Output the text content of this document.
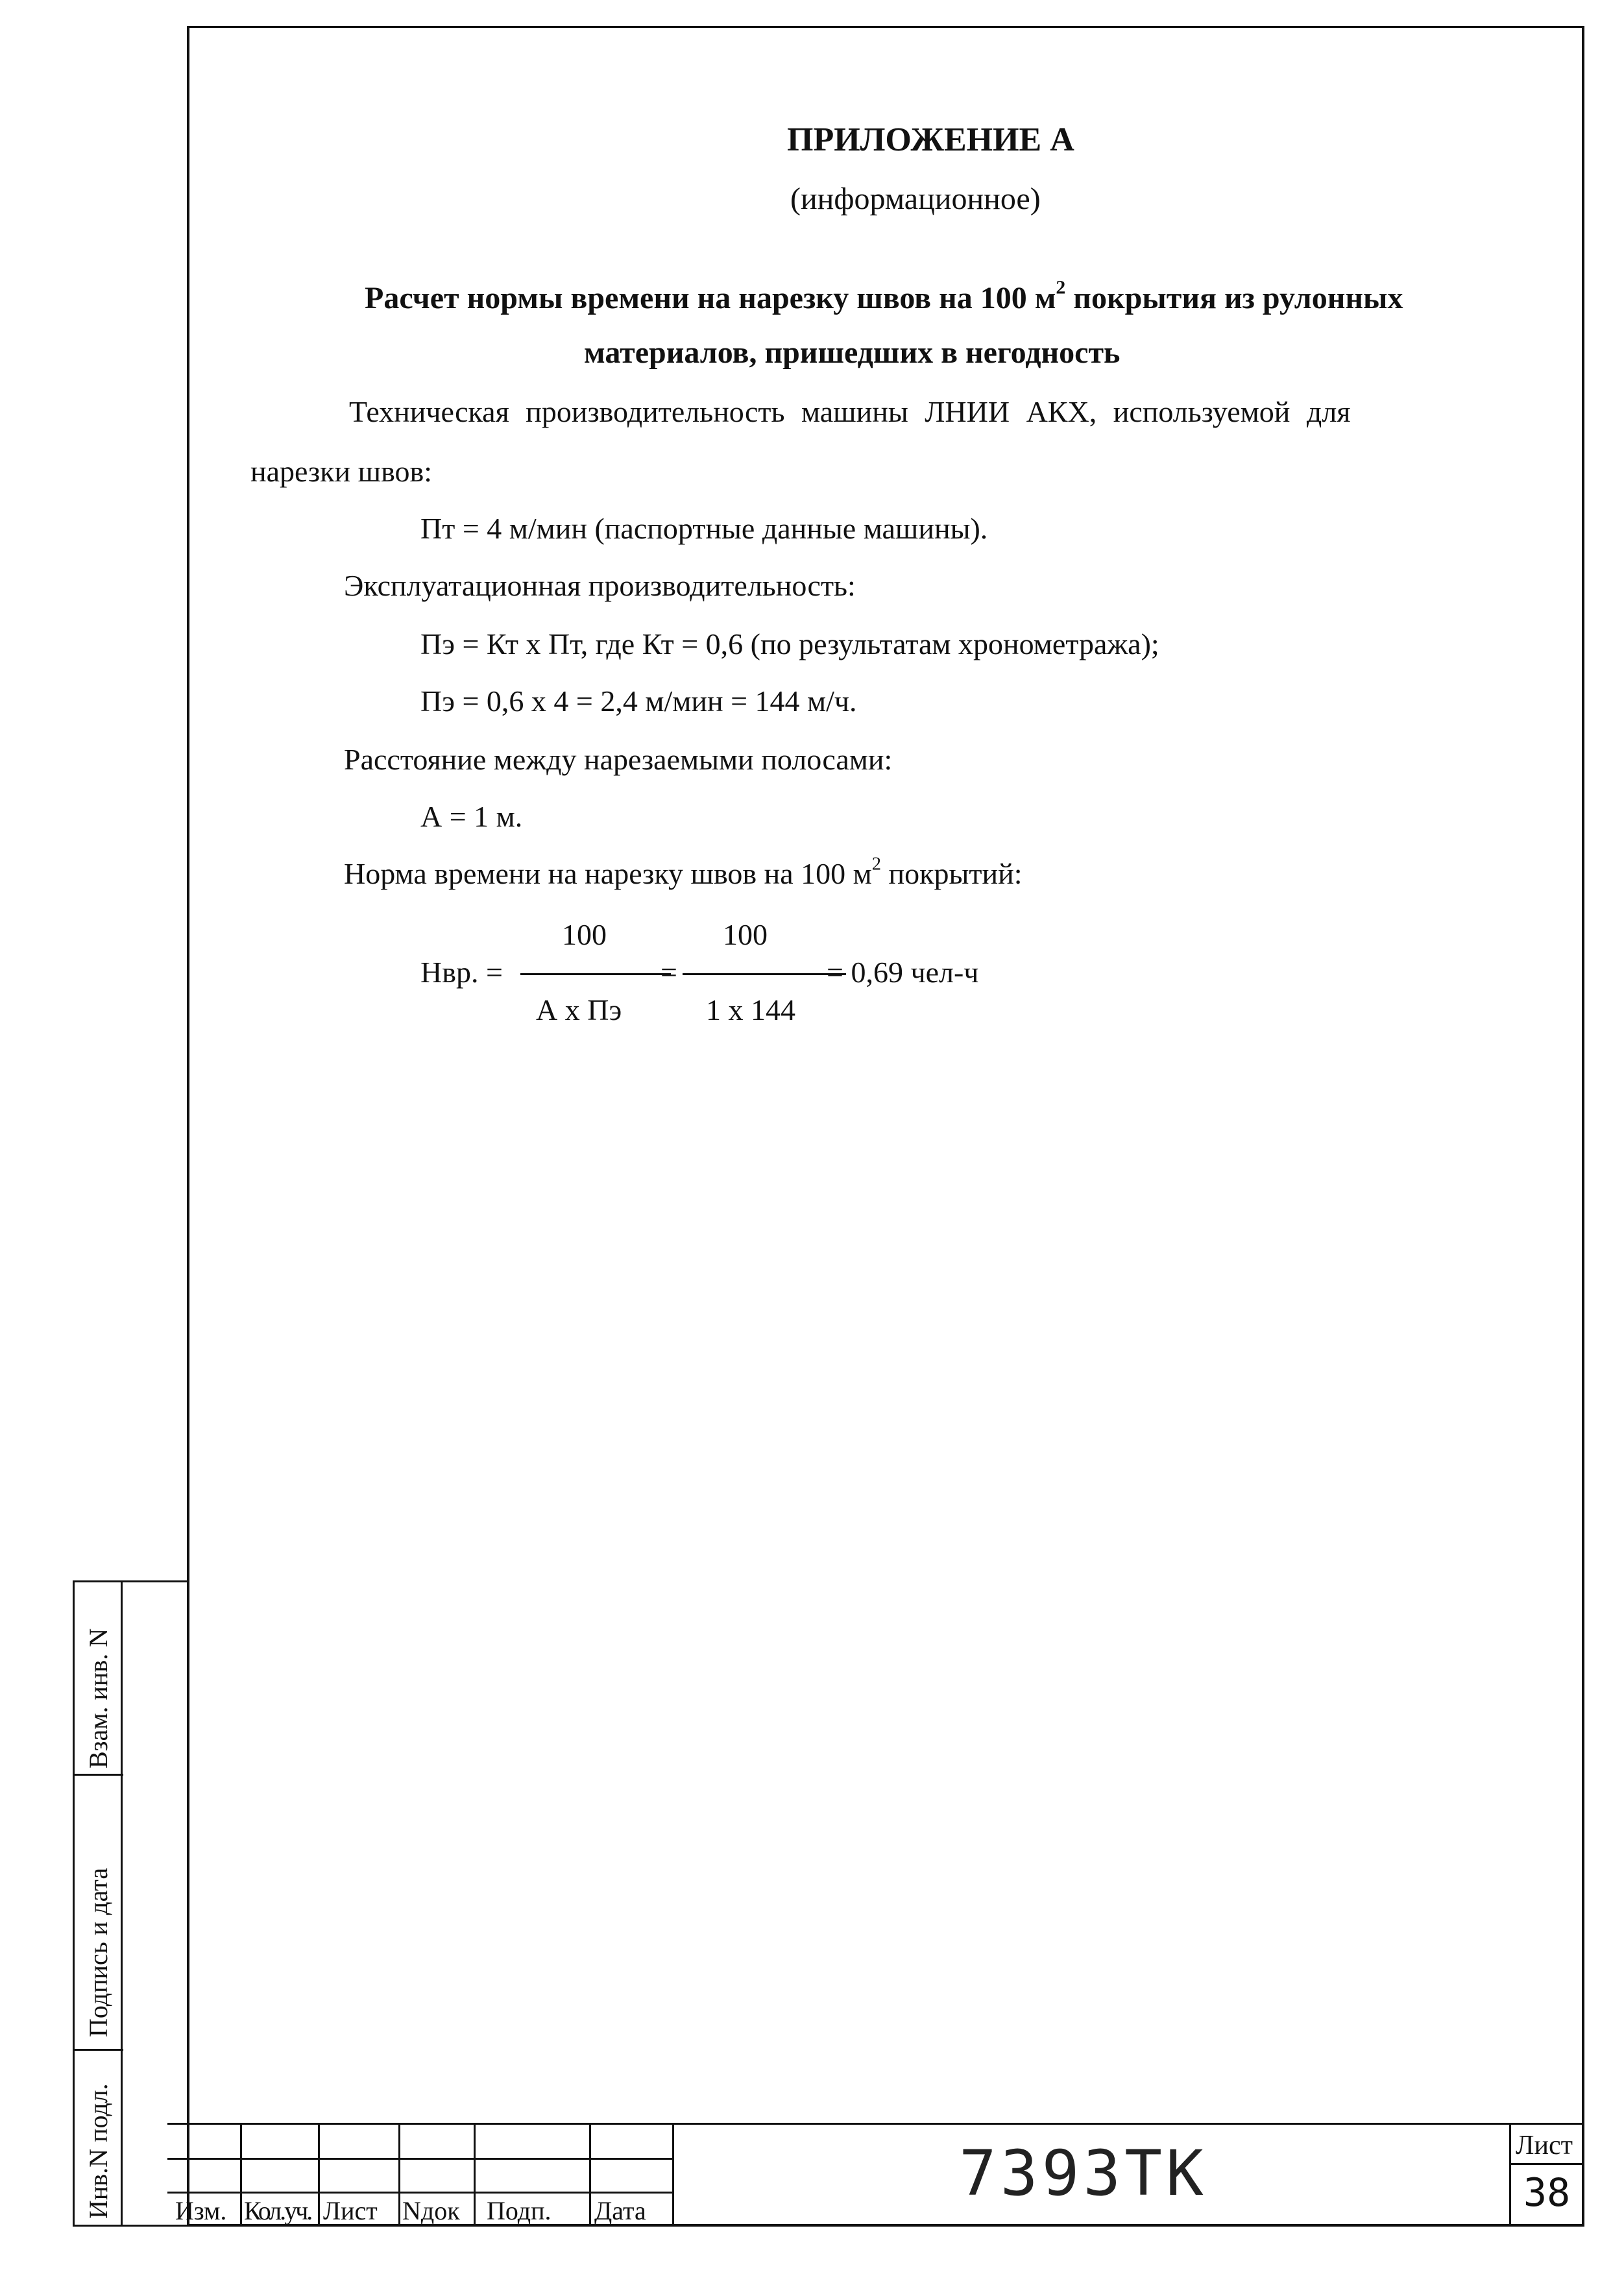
ПРИЛОЖЕНИЕ А
(информационное)
Расчет нормы времени на нарезку швов на 100 $м^2$ покрытия из рулонных
материалов, пришедших в негодность
Техническая производительность машины ЛНИИ АКХ, используемой для
нарезки швов:
Пт = 4 м/мин (паспортные данные машины).
Эксплуатационная производительность:
Пэ = Кт х Пт, где Кт = 0,6 (по результатам хронометража);
Пэ = 0,6 х 4 = 2,4 м/мин = 144 м/ч.
Расстояние между нарезаемыми полосами:
А = 1 м.
Норма времени на нарезку швов на 100 $м^2$ покрытий:
100	100
Нвр. =	=	= 0,69 чел-ч
А х Пэ	1 х 144
Инв.N подл.
Подпись и дата
Взам. инв. N
Изм. Кол.уч. Лист Nдок Подп. Дата
7393ТК	Лист
38
